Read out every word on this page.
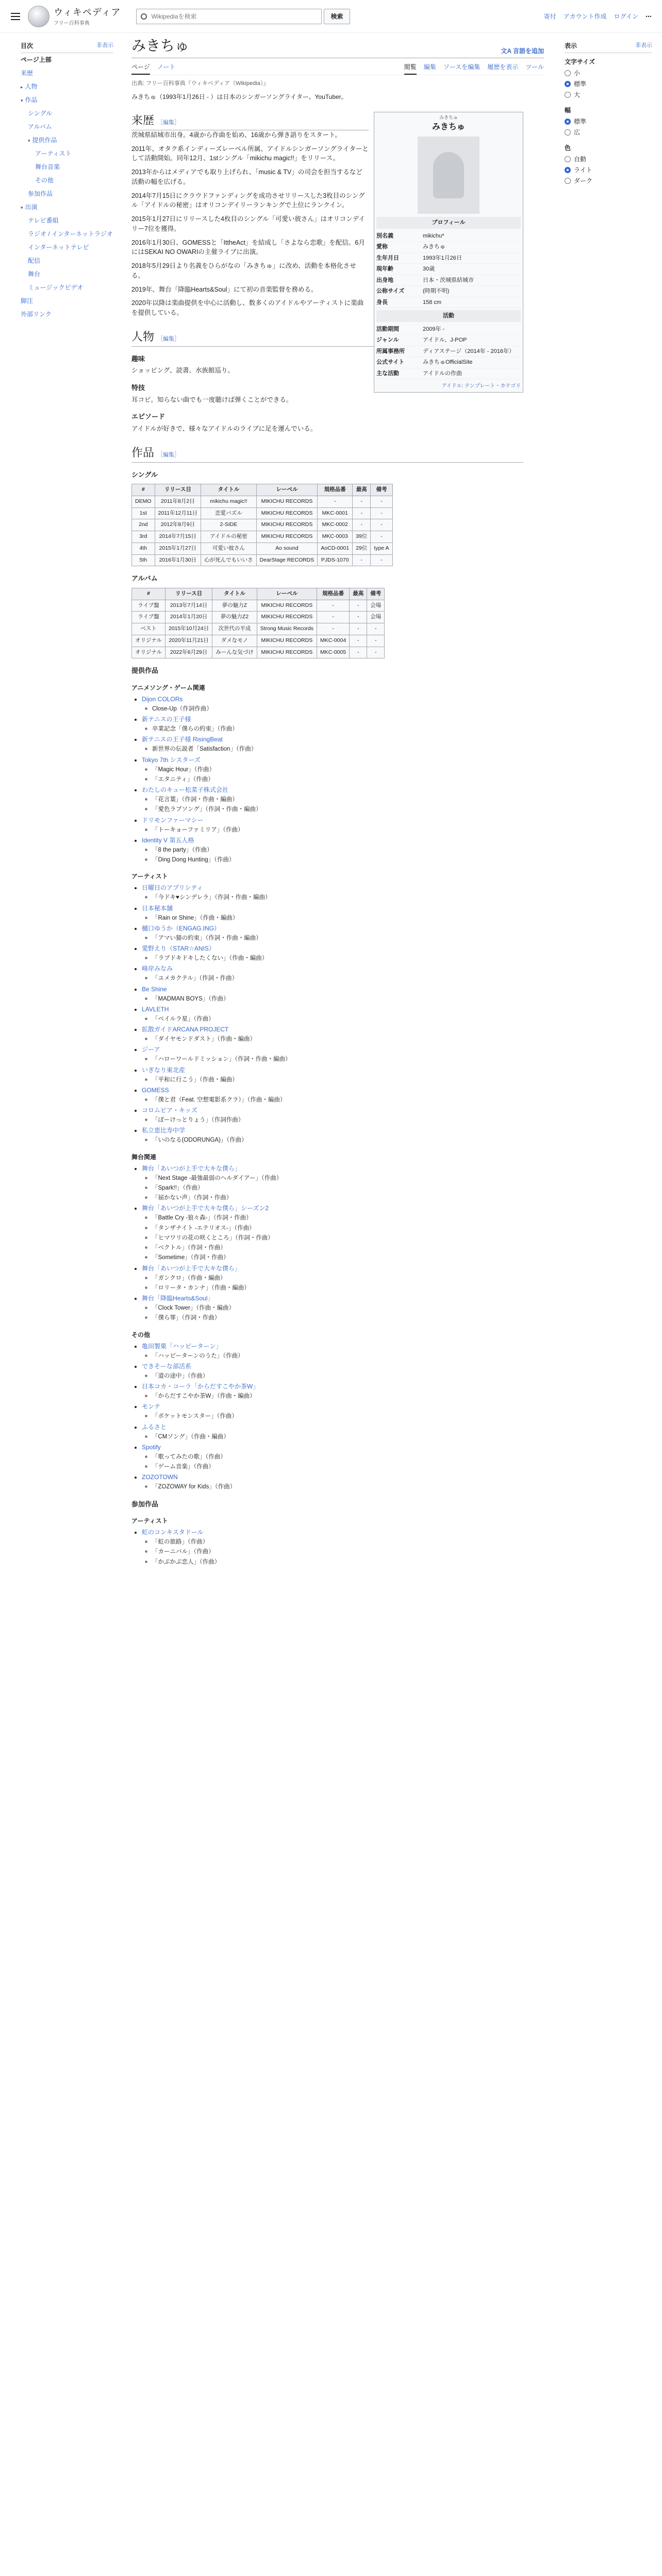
ウィキペディア
フリー百科事典
Wikipediaを検索	検索	寄付 アカウント作成 ログイン ⋯
目次	非表示
ページ上部
来歴
▸ 人物
▾ 作品
シングル
アルバム
▾ 提供作品
アーティスト
舞台音楽
その他
参加作品
▾ 出演
テレビ番組
ラジオ / インターネットラジオ
インターネットテレビ
配信
舞台
ミュージックビデオ
脚注
外部リンク
みきちゅ	文A 言語を追加
ページ ノート	閲覧 編集 ソースを編集 履歴を表示 ツール
出典: フリー百科事典『ウィキペディア（Wikipedia）』
みきちゅ（1993年1月26日 - ）は日本のシンガーソングライター、YouTuber。
来歴 ［編集］

茨城県結城市出身。4歳から作曲を始め、16歳から弾き語りをスタート。

2011年、オタク系インディーズレーベル所属、アイドルシンガーソングライターとして活動開始。同年12月、1stシングル「mikichu magic!!」をリリース。

2013年からはメディアでも取り上げられ、「music & TV」の司会を担当するなど活動の幅を広げる。

2014年7月15日にクラウドファンディングを成功させリリースした3枚目のシングル「アイドルの秘密」はオリコンデイリーランキングで上位にランクイン。

2015年1月27日にリリースした4枚目のシングル「可愛い彼さん」はオリコンデイリー7位を獲得。

2016年1月30日、GOMESSと「IttheAct」を結成し「さよなら恋歌」を配信。6月にはSEKAI NO OWARIの主催ライブに出演。

2018年5月29日より名義をひらがなの「みきちゅ」に改め、活動を本格化させる。

2019年、舞台「降臨Hearts&Soul」にて初の音楽監督を務める。

2020年以降は楽曲提供を中心に活動し、数多くのアイドルやアーティストに楽曲を提供している。

みきちゅ
みきちゅ
プロフィール
別名義	mikichu*
愛称	みきちゅ
生年月日	1993年1月26日
現年齢	30歳
出身地	日本・茨城県結城市
公称サイズ	(時期不明)
身長	158 cm
活動
活動期間	2009年 -
ジャンル	アイドル、J-POP
所属事務所	ディアステージ（2014年 - 2016年）
公式サイト	みきちゅOfficialSite
主な活動	アイドルの作曲
アイドル: テンプレート・カテゴリ
人物 ［編集］
趣味
ショッピング、読書、水族館巡り。
特技
耳コピ。知らない曲でも一度聴けば弾くことができる。
エピソード
アイドルが好きで、様々なアイドルのライブに足を運んでいる。
作品 ［編集］
シングル
#	リリース日	タイトル	レーベル	規格品番	最高	備考
DEMO	2011年8月2日	mikichu magic!!	MIKICHU RECORDS	-	-	-
1st	2011年12月11日	恋愛バズル	MIKICHU RECORDS	MKC-0001	-	-
2nd	2012年8月9日	2-SIDE	MIKICHU RECORDS	MKC-0002	-	-
3rd	2014年7月15日	アイドルの秘密	MIKICHU RECORDS	MKC-0003	39位	-
4th	2015年1月27日	可愛い彼さん	Ao sound	AoCD-0001	29位	type A
5th	2016年1月30日	心が死んでもいいさ	DearStage RECORDS	PJDS-1070	-	-
アルバム
#	リリース日	タイトル	レーベル	規格品番	最高	備考
ライブ盤	2013年7月14日	夢の魅力Z	MIKICHU RECORDS	-	-	会場
ライブ盤	2014年1月20日	夢の魅力Z2	MIKICHU RECORDS	-	-	会場
ベスト	2015年10月24日	次世代の平成	Strong Music Records	-	-	-
オリジナル	2020年11月21日	ダメなモノ	MIKICHU RECORDS	MKC-0004	-	-
オリジナル	2022年6月29日	みーんな気づけ	MIKICHU RECORDS	MKC-0005	-	-
提供作品
アニメソング・ゲーム関連
• Dijon COLORs
◦ Close-Up（作詞作曲）
• 新テニスの王子様
◦ 卒業記念「僕らの約束」（作曲）
• 新テニスの王子様 RisingBeat
◦ 新世界の伝説者「Satisfaction」（作曲）
• Tokyo 7th シスターズ
◦ 「Magic Hour」（作曲）
◦ 「エタニティ」（作曲）
• わたしのキュー松菜子株式会社
◦ 「花言葉」（作詞・作曲・編曲）
◦ 「愛色ラブソング」（作詞・作曲・編曲）
• ドリモンファーマシー
◦ 「トーキョーファミリア」（作曲）
• Identity V 第五人格
◦ 「8 the party」（作曲）
◦ 「Ding Dong Hunting」（作曲）
アーティスト
• 日曜日のアプリシティ
◦ 「今ドキ♥シンデレラ」（作詞・作曲・編曲）
• 日本秘本舗
◦ 「Rain or Shine」（作曲・編曲）
• 樋口ゆうか（ENGAG.ING）
◦ 「アマい猫の約束」（作詞・作曲・編曲）
• 愛野えり（STAR☆ANIS）
◦ 「ラブドキドキしたくない」（作曲・編曲）
• 峰岸みなみ
◦ 「ユメカクテル」（作詞・作曲）
• Be Shine
◦ 「MADMAN BOYS」（作曲）
• LAVLETH
◦ 「ベイルラ星」（作曲）
• 拡散ガイドARCANA PROJECT
◦ 「ダイヤモンドダスト」（作曲・編曲）
• ジーア
◦ 「ハローワールドミッション」（作詞・作曲・編曲）
• いぎなり東北産
◦ 「平和に行こう」（作曲・編曲）
• GOMESS
◦ 「僕と君（Feat. 空想電影系クラ）」（作曲・編曲）
• コロムビア・キッズ
◦ 「ぽーけっとりょう」（作詞作曲）
• 私立恵比寿中学
◦ 「いのなる(ODORUNGA)」（作曲）
舞台関連
• 舞台「あいつが上手で大キな僕ら」
◦ 「Next Stage -最強最弱のヘルダイアー」（作曲）
◦ 「Spark!!」（作曲）
◦ 「届かない声」（作詞・作曲）
• 舞台「あいつが上手で大キな僕ら」シーズン2
◦ 「Battle Cry -狼々森-」（作詞・作曲）
◦ 「タンザナイト -エテリオス-」（作曲）
◦ 「ヒマワリの花の咲くところ」（作詞・作曲）
◦ 「ベクトル」（作詞・作曲）
◦ 「Sometime」（作詞・作曲）
• 舞台「あいつが上手で大キな僕ら」
◦ 「ガンクロ」（作曲・編曲）
◦ 「ロリータ・カンナ」（作曲・編曲）
• 舞台「降臨Hearts&Soul」
◦ 「Clock Tower」（作曲・編曲）
◦ 「僕ら罪」（作詞・作曲）
その他
• 亀田製菓「ハッピーターン」
◦ 「ハッピーターンのうた」（作曲）
• できそーな部活系
◦ 「道の途中」（作曲）
• 日本コカ・コーラ「からだすこやか茶W」
◦ 「からだすこやか茶W」（作曲・編曲）
• モンテ
◦ 「ポケットモンスター」（作曲）
• ふるさと
◦ 「CMソング」（作曲・編曲）
• Spotify
◦ 「歌ってみたの歌」（作曲）
◦ 「ゲーム音楽」（作曲）
• ZOZOTOWN
◦ 「ZOZOWAY for Kids」（作曲）
参加作品
アーティスト
• 虹のコンキスタドール
◦ 「虹の旅路」（作曲）
◦ 「カーニバル」（作曲）
◦ 「かぷかぷ恋人」（作曲）
表示	非表示
文字サイズ
小
標準
大
幅
標準
広
色
自動
ライト
ダーク
